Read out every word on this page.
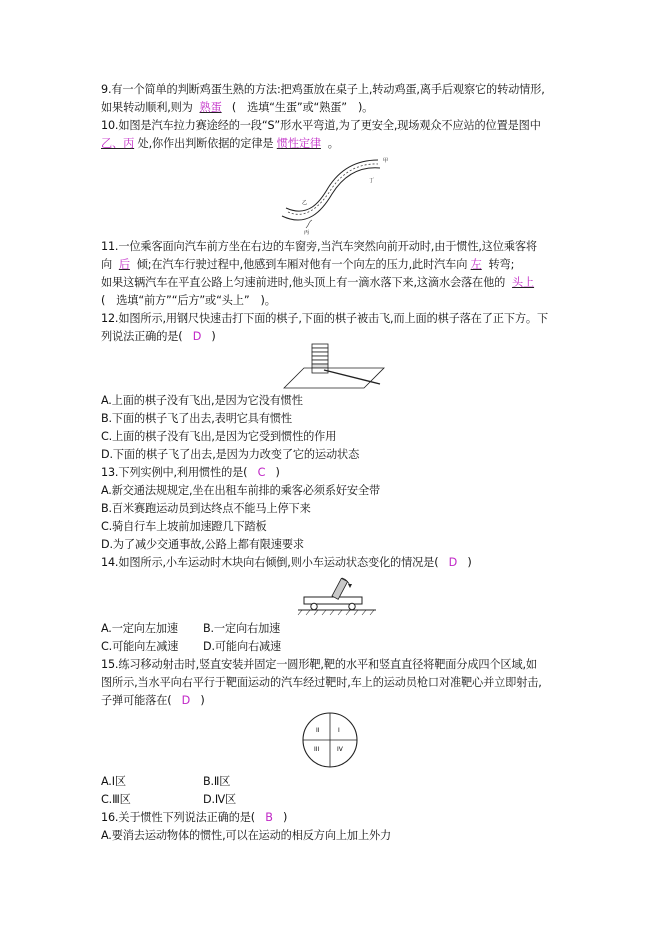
9.有一个简单的判断鸡蛋生熟的方法:把鸡蛋放在桌子上,转动鸡蛋,离手后观察它的转动情形,
如果转动顺利,则为 熟蛋 (　选填“生蛋”或“熟蛋”　)。
10.如图是汽车拉力赛途经的一段“S”形水平弯道,为了更安全,现场观众不应站的位置是图中
乙、丙 处,你作出判断依据的定律是 惯性定律 。
乙
甲
丁
丙
11.一位乘客面向汽车前方坐在右边的车窗旁,当汽车突然向前开动时,由于惯性,这位乘客将
向 后 倾;在汽车行驶过程中,他感到车厢对他有一个向左的压力,此时汽车向 左 转弯;
如果这辆汽车在平直公路上匀速前进时,他头顶上有一滴水落下来,这滴水会落在他的 头上
(　选填“前方”“后方”或“头上”　)。
12.如图所示,用钢尺快速击打下面的棋子,下面的棋子被击飞,而上面的棋子落在了正下方。下
列说法正确的是( D )
A.上面的棋子没有飞出,是因为它没有惯性
B.下面的棋子飞了出去,表明它具有惯性
C.上面的棋子没有飞出,是因为它受到惯性的作用
D.下面的棋子飞了出去,是因为力改变了它的运动状态
13.下列实例中,利用惯性的是( C )
A.新交通法规规定,坐在出租车前排的乘客必须系好安全带
B.百米赛跑运动员到达终点不能马上停下来
C.骑自行车上坡前加速蹬几下踏板
D.为了减少交通事故,公路上都有限速要求
14.如图所示,小车运动时木块向右倾倒,则小车运动状态变化的情况是( D )
A.一定向左加速 B.一定向右加速
C.可能向左减速 D.可能向右减速
15.练习移动射击时,竖直安装并固定一圆形靶,靶的水平和竖直直径将靶面分成四个区域,如
图所示,当水平向右平行于靶面运动的汽车经过靶时,车上的运动员枪口对准靶心并立即射击,
子弹可能落在( D )
II	I
III	IV
A.Ⅰ区	B.Ⅱ区
C.Ⅲ区	D.Ⅳ区
16.关于惯性下列说法正确的是( B )
A.要消去运动物体的惯性,可以在运动的相反方向上加上外力
